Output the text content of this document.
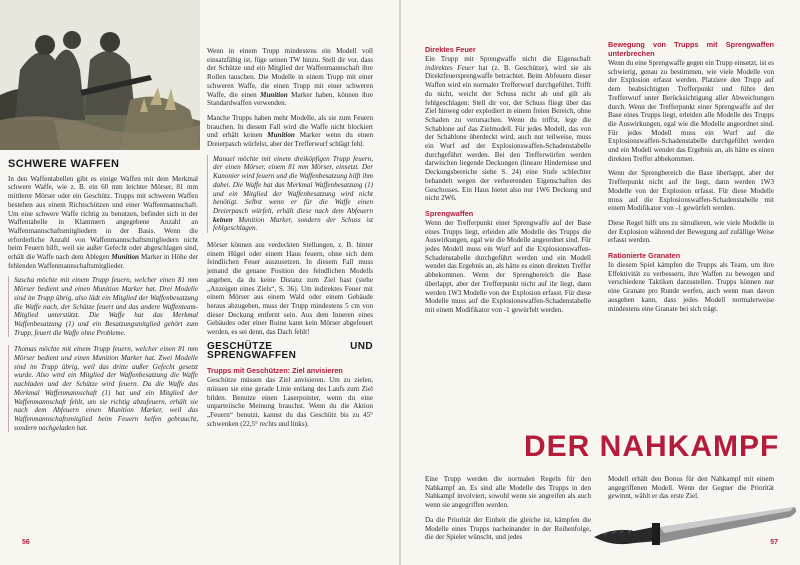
SCHWERE WAFFEN

In den Waffentabellen gibt es einige Waffen mit dem Merkmal schwere Waffe, wie z. B. ein 60 mm leichter Mörser, 81 mm mittlerer Mörser oder ein Geschütz. Trupps mit schweren Waffen bestehen aus einem Richtschützen und einer Waffenmannschaft. Um eine schwere Waffe richtig zu benutzen, befindet sich in der Waffentabelle in Klammern angegebene Anzahl an Waffenmannschaftsmitgliedern in der Basis. Wenn die erforderliche Anzahl von Waffenmannschaftsmitgliedern nicht beim Feuern hilft, weil sie außer Gefecht oder abgeschlagen sind, erhält die Waffe nach dem Ablegen Munition Marker in Höhe der fehlenden Waffenmannschaftsmitglieder.

Sascha möchte mit einem Trupp feuern, welcher einen 81 mm Mörser bedient und einen Munition Marker hat. Drei Modelle sind im Trupp übrig, also lädt ein Mitglied der Waffenbesatzung die Waffe nach, der Schütze feuert und das andere Waffenteam-Mitglied unterstützt. Die Waffe hat das Merkmal Waffenbesatzung (1) und ein Besatzungsmitglied gehört zum Trupp, feuert die Waffe ohne Probleme.
Thomas möchte mit einem Trupp feuern, welcher einen 81 mm Mörser bedient und einen Munition Marker hat. Zwei Modelle sind im Trupp übrig, weil das dritte außer Gefecht gesetzt wurde. Also wird ein Mitglied der Waffenbesatzung die Waffe nachladen und der Schütze wird feuern. Da die Waffe das Merkmal Waffenmannschaft (1) hat und ein Mitglied der Waffenmannschaft fehlt, um sie richtig abzufeuern, erhält sie nach dem Abfeuern einen Munition Marker, weil das Waffenmannschaftsmitglied beim Feuern helfen gebraucht, sondern nachgeladen hat.

Wenn in einem Trupp mindestens ein Modell voll einsatzfähig ist, füge seinen TW hinzu. Stell dir vor, dass der Schütze und ein Mitglied der Waffenmannschaft ihre Rollen tauschen. Die Modelle in einem Trupp mit einer schweren Waffe, die einen Trupp mit einer schweren Waffe, die einen Munition Marker haben, können ihre Standardwaffen verwenden.

Manche Trupps haben mehr Modelle, als sie zum Feuern brauchen. In diesem Fall wird die Waffe nicht blockiert und erhält keinen Munition Marker wenn du einen Dreierpasch würfelst, aber der Trefferwurf schlägt fehl.

Manuel möchte mit einem dreiköpfigen Trupp feuern, der einen Mörser, einem 81 mm Mörser, einsetzt. Der Kanonier wird feuern und die Waffenbesatzung hilft ihm dabei. Die Waffe hat das Merkmal Waffenbesatzung (1) und ein Mitglied der Waffenbesatzung wird nicht benötigt. Selbst wenn er für die Waffe einen Dreierpasch würfelt, erhält diese nach dem Abfeuern keinen Munition Marker, sondern der Schuss ist fehlgeschlagen.

Mörser können aus verdeckten Stellungen, z. B. hinter einem Hügel oder einem Haus feuern, ohne sich dem feindlichen Feuer auszusetzen. In diesem Fall muss jemand die genaue Position des feindlichen Modells angeben, da du keine Distanz zum Ziel hast (siehe „Anzeigen eines Ziels“, S. 36). Um indirektes Feuer mit einem Mörser aus einem Wald oder einem Gebäude heraus abzugeben, muss der Trupp mindestens 5 cm von dieser Deckung entfernt sein. Aus dem Inneren eines Gebäudes oder einer Ruine kann kein Mörser abgefeuert werden, es sei denn, das Dach fehlt!

GESCHÜTZE UND SPRENGWAFFEN
Trupps mit Geschützen: Ziel anvisieren

Geschütze müssen das Ziel anvisieren. Um zu zielen, müssen sie eine gerade Linie entlang des Laufs zum Ziel bilden. Benutze einen Laserpointer, wenn du eine unparteiische Meinung brauchst. Wenn du die Aktion „Feuern“ benutzt, kannst du das Geschütz bis zu 45° schwenken (22,5° rechts und links).

56
Direktes Feuer

Ein Trupp mit Sprengwaffe nicht die Eigenschaft indirektes Feuer hat (z. B. Geschütze), wird sie als Direktfeuersprengwaffe betrachtet. Beim Abfeuern dieser Waffen wird ein normaler Trefferwurf durchgeführt. Trifft du nicht, weicht der Schuss nicht ab und gilt als fehlgeschlagen: Stell dir vor, der Schuss fliegt über das Ziel hinweg oder explodiert in einem freien Bereich, ohne Schaden zu verursachen. Wenn du triffst, lege die Schablone auf das Zielmodell. Für jedes Modell, das von der Schablone überdeckt wird, auch nur teilweise, muss ein Wurf auf der Explosionswaffen-Schadenstabelle durchgeführt werden. Bei den Trefferwürfen werden darwischen liegende Deckungen (lineare Hindernisse und Deckungsbereiche siehe S. 24) eine Stufe schlechter behandelt wegen der verheerenden Eigenschaften des Geschosses. Ein Haus bietet also nur 1W6 Deckung und nicht 2W6.

Sprengwaffen

Wenn der Trefferpunkt einer Sprengwaffe auf der Base eines Trupps liegt, erleiden alle Modelle des Trupps die Auswirkungen, egal wie die Modelle angeordnet sind. Für jedes Modell muss ein Wurf auf die Explosionswaffen-Schadenstabelle durchgeführt werden und ein Modell wendet das Ergebnis an, als hätte es einen direkten Treffer abbekommen. Wenn der Sprengbereich die Base überlappt, aber der Trefferpunkt nicht auf ihr liegt, dann werden 1W3 Modelle von der Explosion erfasst. Für diese Modelle muss auf die Explosionswaffen-Schadenstabelle mit einem Modifikator von -1 gewürfelt werden.

Bewegung von Trupps mit Sprengwaffen unterbrechen

Wenn du eine Sprengwaffe gegen ein Trupp einsetzt, ist es schwierig, genau zu bestimmen, wie viele Modelle von der Explosion erfasst werden. Platziere den Trupp auf dem beabsichtigten Trefferpunkt und führe den Trefferwurf unter Berücksichtigung aller Abweichungen durch. Wenn der Trefferpunkt einer Sprengwaffe auf der Base eines Trupps liegt, erleiden alle Modelle des Trupps die Auswirkungen, egal wie die Modelle angeordnet sind. Für jedes Modell muss ein Wurf auf die Explosionswaffen-Schadenstabelle durchgeführt werden und ein Modell wendet das Ergebnis an, als hätte es einen direkten Treffer abbekommen.

Wenn der Sprengbereich die Base überlappt, aber der Trefferpunkt nicht auf ihr liegt, dann werden 1W3 Modelle von der Explosion erfasst. Für diese Modelle muss auf die Explosionswaffen-Schadenstabelle mit einem Modifikator von -1 gewürfelt werden.

Diese Regel hilft uns zu simulieren, wie viele Modelle in der Explosion während der Bewegung auf zufällige Weise erfasst werden.

Rationierte Granaten

In diesem Spiel kämpfen die Trupps als Team, um ihre Effektivität zu verbessern, ihre Waffen zu bewegen und verschiedene Taktiken darzustellen. Trupps können nur eine Granate pro Runde werfen, auch wenn man davon ausgehen kann, dass jedes Modell normalerweise mindestens eine Granate bei sich trägt.

Eine Trupp werden die normalen Regeln für den Nahkampf an. Es sind alle Modelle des Trupps in den Nahkampf involviert, sowohl wenn sie angreifen als auch wenn sie angegriffen werden.

Da die Priorität der Einheit die gleiche ist, kämpfen die Modelle eines Trupps nacheinander in der Reihenfolge, die der Spieler wünscht, und jedes

Modell erhält den Bonus für den Nahkampf mit einem angegriffenen Modell. Wenn der Gegner die Priorität gewinnt, wählt er das erste Ziel.

57
DER NAHKAMPF
